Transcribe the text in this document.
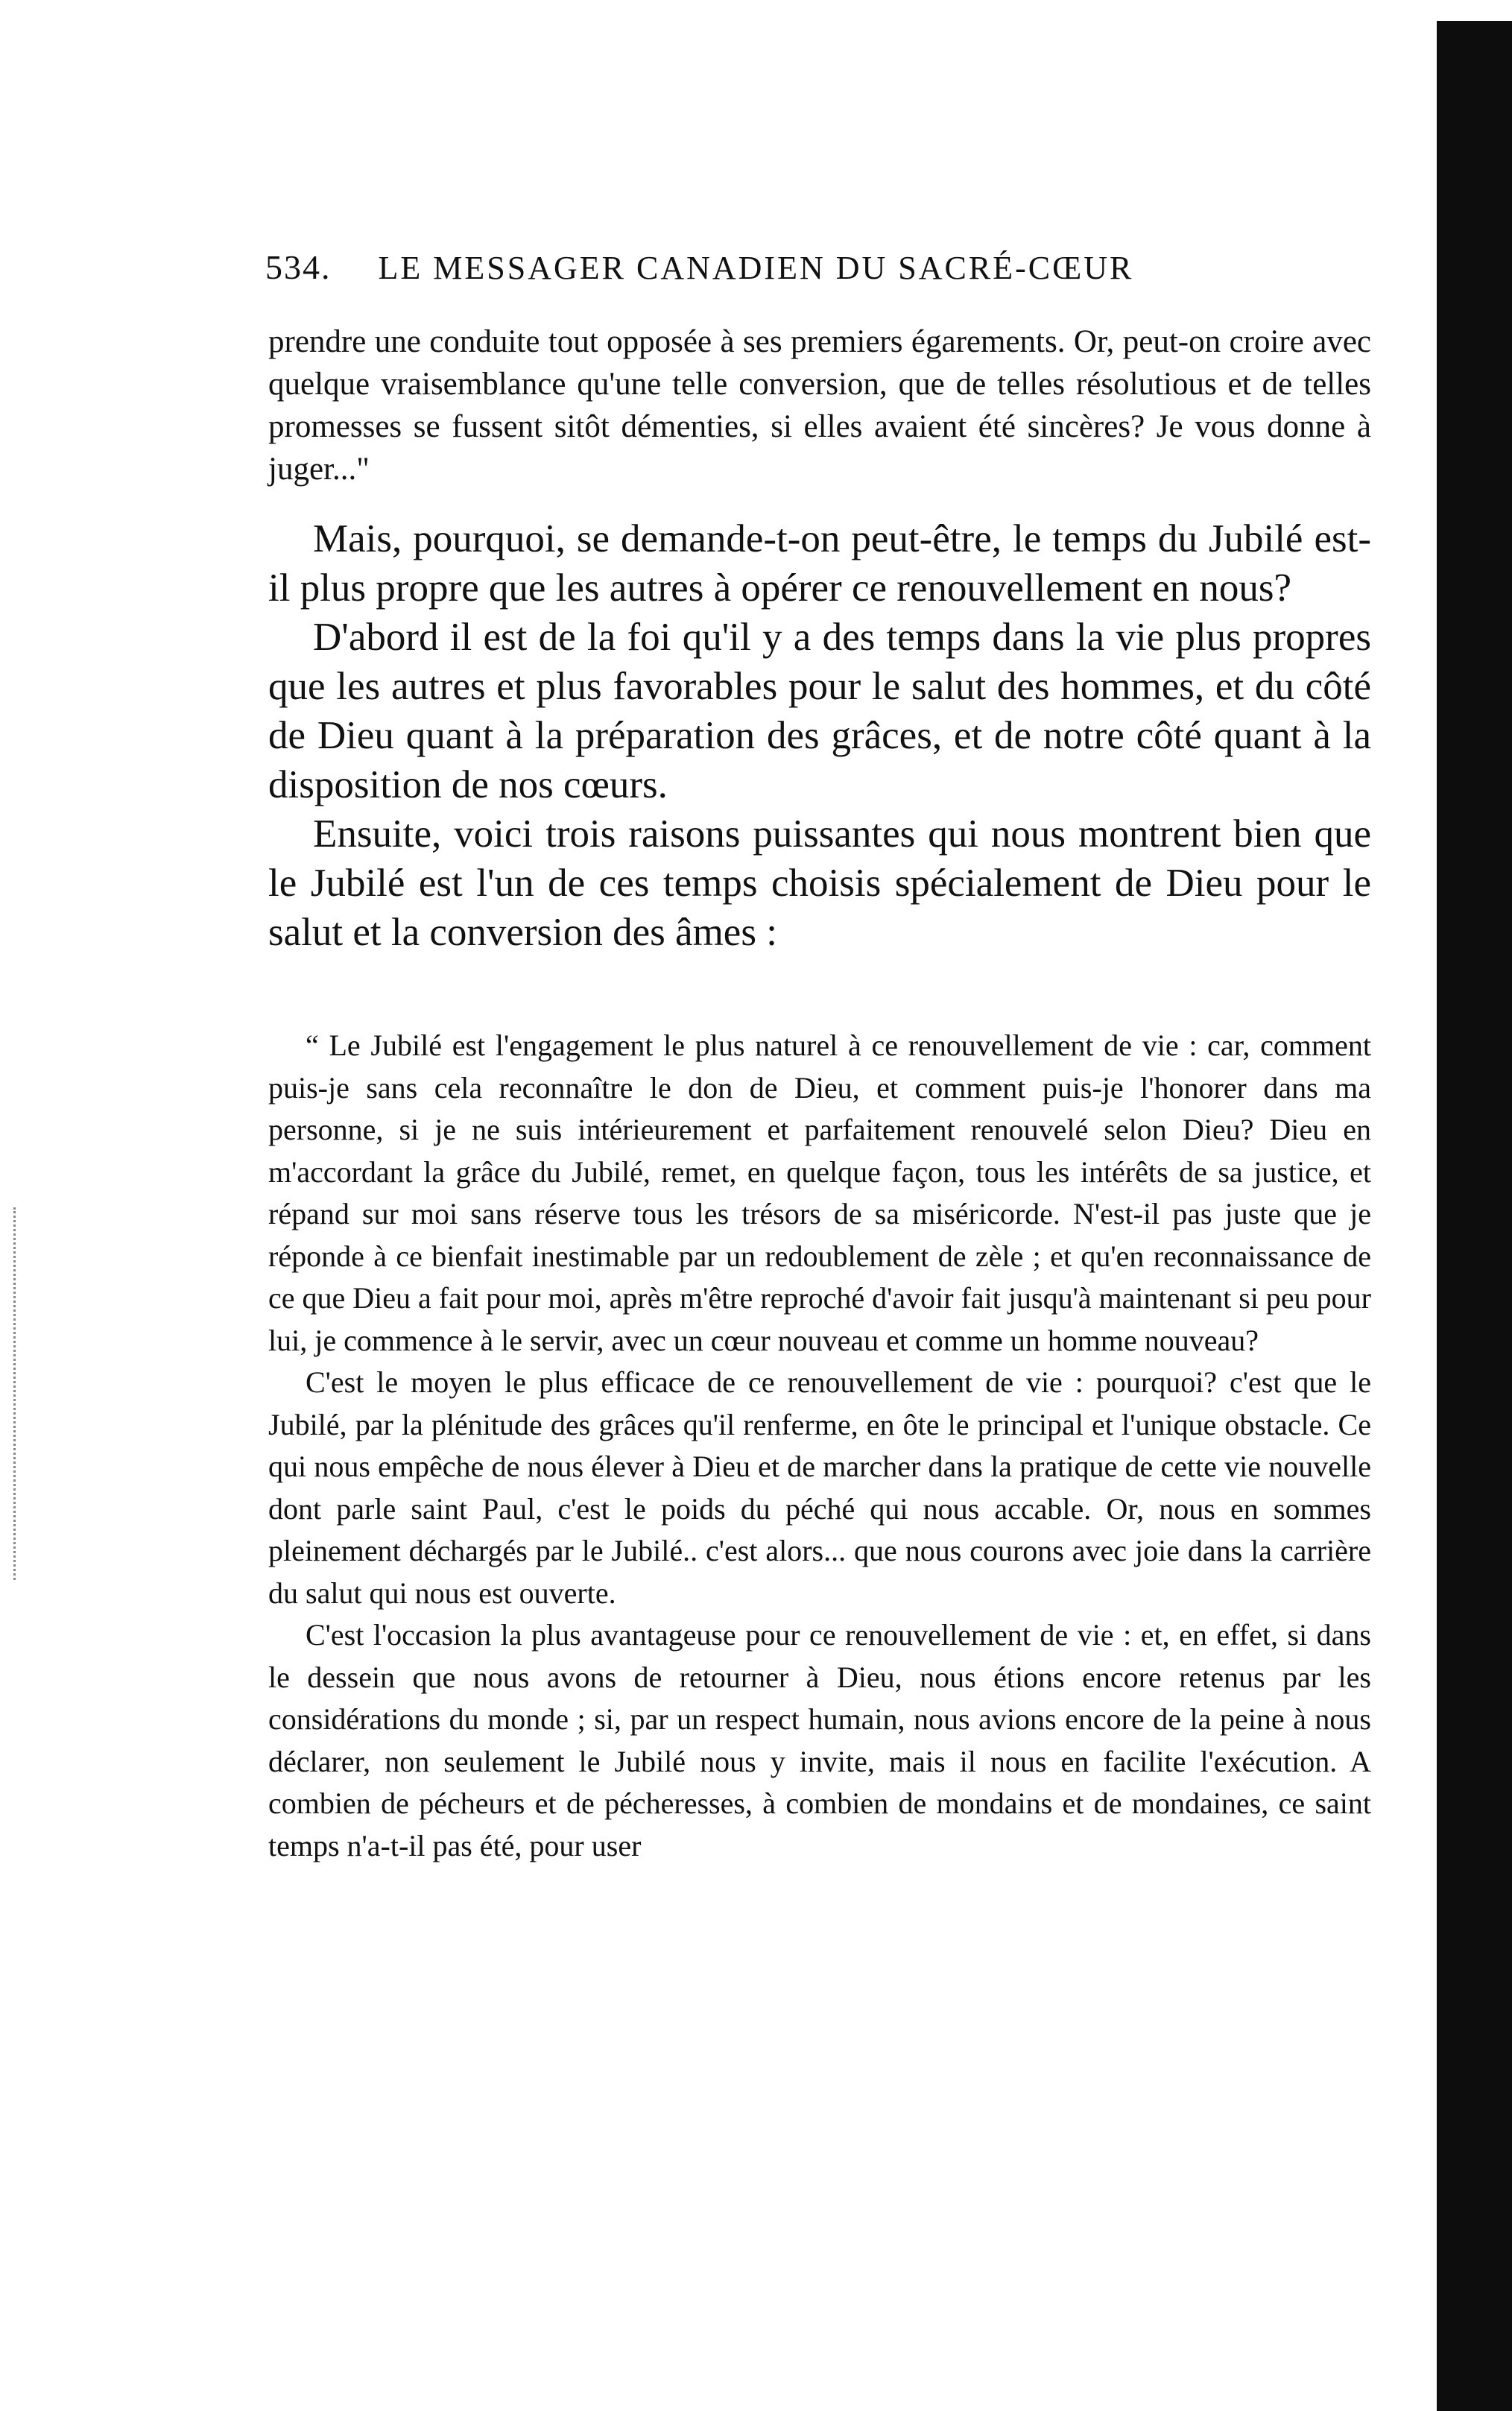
534. LE MESSAGER CANADIEN DU SACRÉ-CŒUR

prendre une conduite tout opposée à ses premiers égarements. Or, peut-on croire avec quelque vraisemblance qu'une telle conversion, que de telles résolutious et de telles promesses se fussent sitôt démenties, si elles avaient été sincères? Je vous donne à juger..."

Mais, pourquoi, se demande-t-on peut-être, le temps du Jubilé est-il plus propre que les autres à opérer ce renouvellement en nous?

D'abord il est de la foi qu'il y a des temps dans la vie plus propres que les autres et plus favorables pour le salut des hommes, et du côté de Dieu quant à la préparation des grâces, et de notre côté quant à la disposition de nos cœurs.

Ensuite, voici trois raisons puissantes qui nous montrent bien que le Jubilé est l'un de ces temps choisis spécialement de Dieu pour le salut et la conversion des âmes :

“ Le Jubilé est l'engagement le plus naturel à ce renouvellement de vie : car, comment puis-je sans cela reconnaître le don de Dieu, et comment puis-je l'honorer dans ma personne, si je ne suis intérieurement et parfaitement renouvelé selon Dieu? Dieu en m'accordant la grâce du Jubilé, remet, en quelque façon, tous les intérêts de sa justice, et répand sur moi sans réserve tous les trésors de sa miséricorde. N'est-il pas juste que je réponde à ce bienfait inestimable par un redoublement de zèle ; et qu'en reconnaissance de ce que Dieu a fait pour moi, après m'être reproché d'avoir fait jusqu'à maintenant si peu pour lui, je commence à le servir, avec un cœur nouveau et comme un homme nouveau?

C'est le moyen le plus efficace de ce renouvellement de vie : pourquoi? c'est que le Jubilé, par la plénitude des grâces qu'il renferme, en ôte le principal et l'unique obstacle. Ce qui nous empêche de nous élever à Dieu et de marcher dans la pratique de cette vie nouvelle dont parle saint Paul, c'est le poids du péché qui nous accable. Or, nous en sommes pleinement déchargés par le Jubilé.. c'est alors... que nous courons avec joie dans la carrière du salut qui nous est ouverte.

C'est l'occasion la plus avantageuse pour ce renouvellement de vie : et, en effet, si dans le dessein que nous avons de retourner à Dieu, nous étions encore retenus par les considérations du monde ; si, par un respect humain, nous avions encore de la peine à nous déclarer, non seulement le Jubilé nous y invite, mais il nous en facilite l'exécution. A combien de pécheurs et de pécheresses, à combien de mondains et de mondaines, ce saint temps n'a-t-il pas été, pour user
